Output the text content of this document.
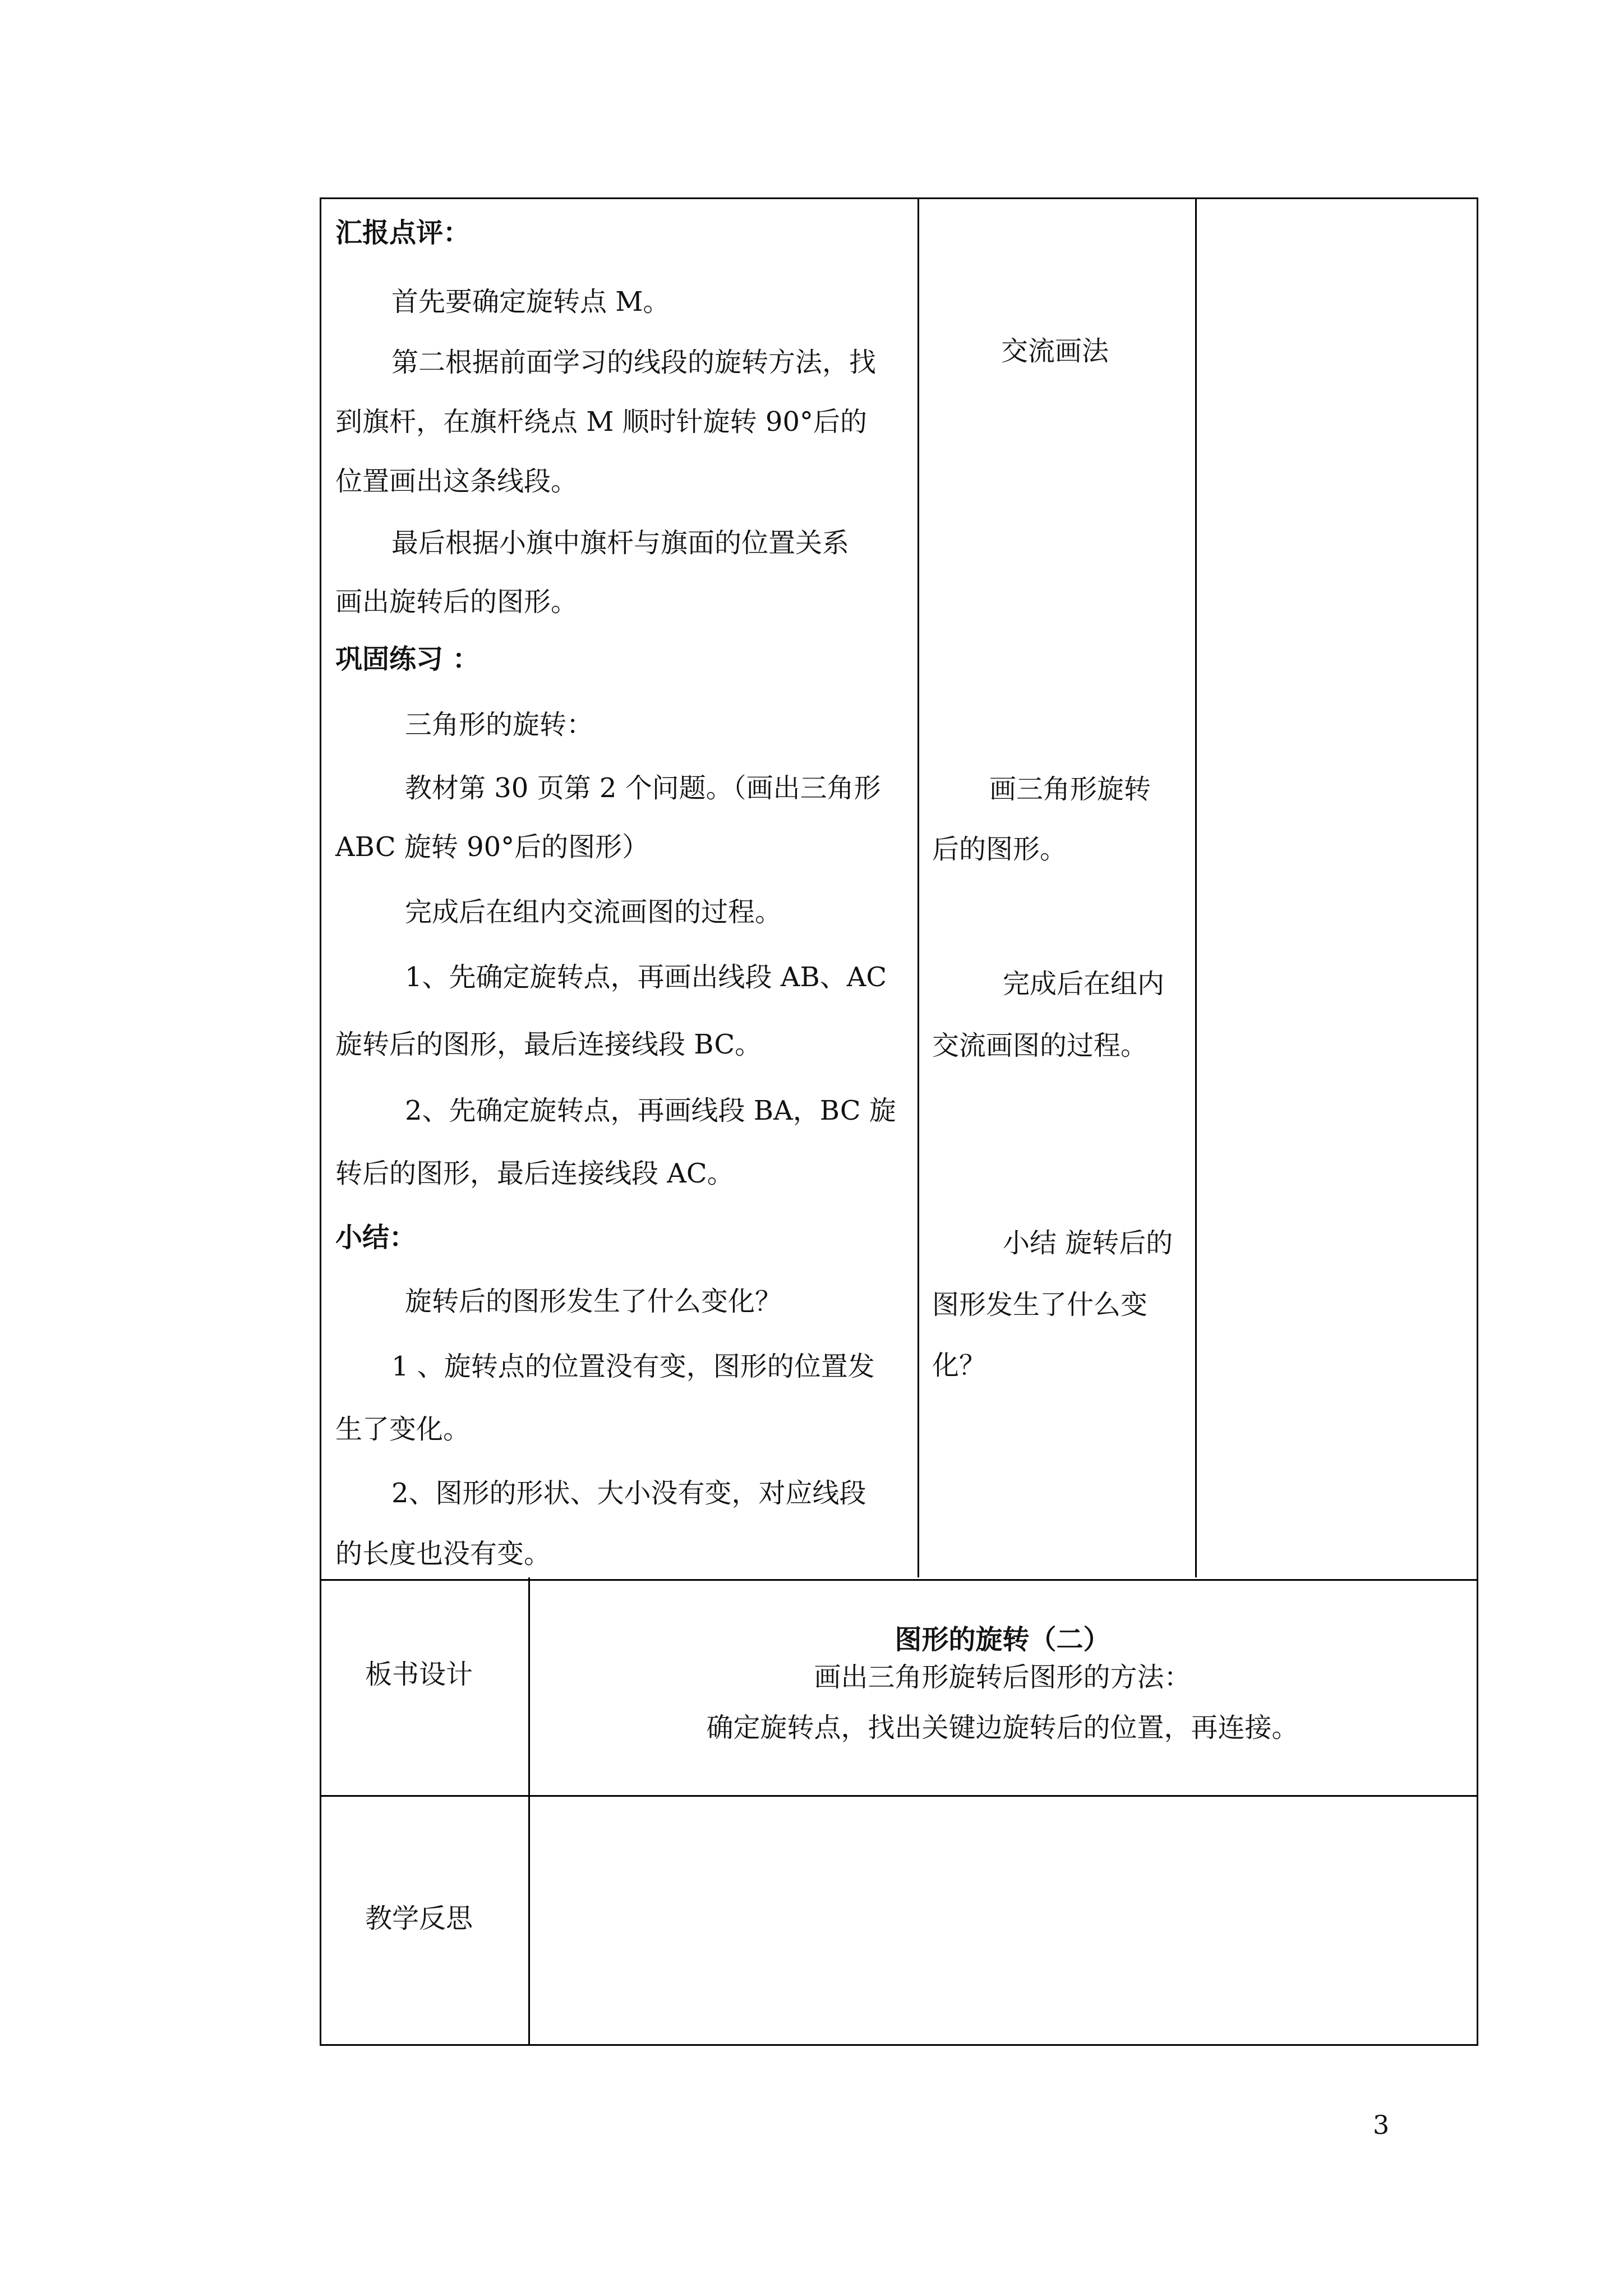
汇报点评：
首先要确定旋转点 M。
第二根据前面学习的线段的旋转方法，找
到旗杆，在旗杆绕点 M 顺时针旋转 90°后的
位置画出这条线段。
最后根据小旗中旗杆与旗面的位置关系
画出旋转后的图形。
巩固练习 ：
三角形的旋转：
教材第 30 页第 2 个问题。（画出三角形
ABC 旋转 90°后的图形）
完成后在组内交流画图的过程。
1、先确定旋转点，再画出线段 AB、AC
旋转后的图形，最后连接线段 BC。
2、先确定旋转点，再画线段 BA，BC 旋
转后的图形，最后连接线段 AC。
小结：
旋转后的图形发生了什么变化？
1 、旋转点的位置没有变，图形的位置发
生了变化。
2、图形的形状、大小没有变，对应线段
的长度也没有变。
交流画法
画三角形旋转
后的图形。
完成后在组内
交流画图的过程。
小结 旋转后的
图形发生了什么变
化？
板书设计
图形的旋转（二）
画出三角形旋转后图形的方法：
确定旋转点，找出关键边旋转后的位置，再连接。
教学反思
3
